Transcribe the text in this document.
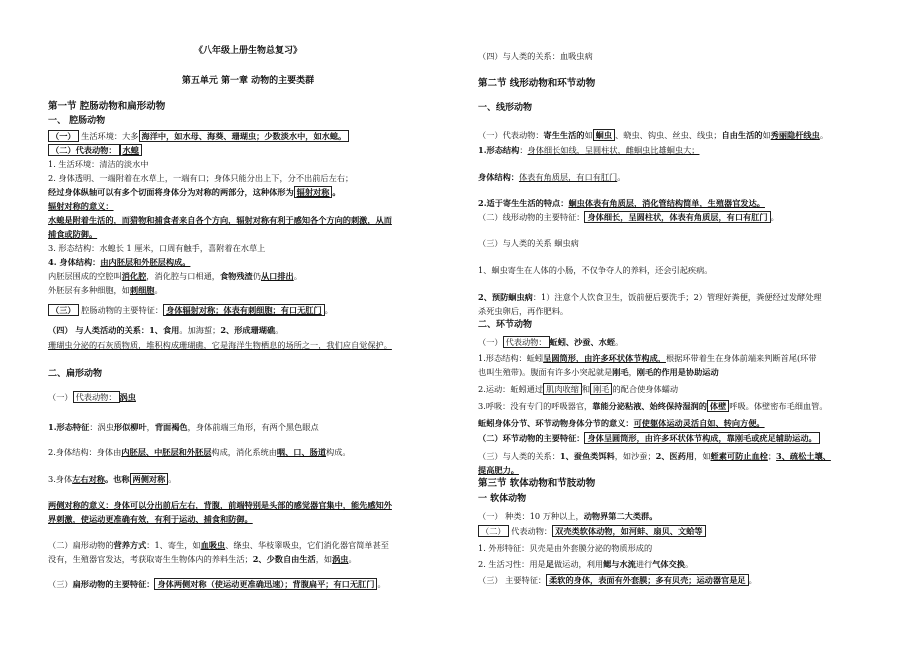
《八年级上册生物总复习》
第五单元 第一章 动物的主要类群
第一节 腔肠动物和扁形动物
一、 腔肠动物
（一） 生活环境：大多 海洋中，如水母、海葵、珊瑚虫；少数淡水中，如水螅。
（二）代表动物： 水螅
1. 生活环境：清洁的淡水中
2. 身体透明、一端附着在水草上，一端有口；身体只能分出上下，分不出前后左右；
经过身体纵轴可以有多个切面将身体分为对称的两部分，这种体形为 辐射对称 。
辐射对称的意义：
水螅是附着生活的，而猎物和捕食者来自各个方向，辐射对称有利于感知各个方向的刺激，从而
捕食或防御。
3. 形态结构：水螅长 1 厘米，口周有触手，喜附着在水草上
4. 身体结构：由内胚层和外胚层构成。
内胚层围成的空腔叫消化腔，消化腔与口相通，食物残渣仍从口排出。
外胚层有多种细胞，如刺细胞。
（三） 腔肠动物的主要特征： 身体辐射对称；体表有刺细胞；有口无肛门 。
（四） 与人类活动的关系：1、食用。加海蜇；2、形成珊瑚礁。
珊瑚虫分泌的石灰质物质，堆积构成珊瑚礁，它是海洋生物栖息的场所之一，我们应自觉保护。
二、扁形动物
（一） 代表动物： 涡虫
1.形态特征：涡虫形似柳叶，背面褐色，身体前端三角形，有两个黑色眼点
2.身体结构：身体由内胚层、中胚层和外胚层构成，消化系统由咽、口、肠道构成。
3.身体左右对称。也称 两侧对称 。
两侧对称的意义：身体可以分出前后左右，背腹，前端特别是头部的感觉器官集中，能先感知外
界刺激，使运动更准确有效，有利于运动、捕食和防御。
（二）扁形动物的营养方式：1、寄生，如血吸虫、绦虫、华枝睾吸虫，它们消化器官简单甚至
没有，生殖器官发达，考获取寄生生物体内的养料生活；2、少数自由生活，如涡虫。
（三）扁形动物的主要特征： 身体两侧对称（使运动更准确迅速）；背腹扁平；有口无肛门 。
（四）与人类的关系：血吸虫病
第二节 线形动物和环节动物
一、线形动物
（一）代表动物：寄生生活的如 蛔虫 、蛲虫、钩虫、丝虫、线虫；自由生活的如秀丽隐杆线虫。
1.形态结构：身体细长如线，呈圆柱状，雌蛔虫比雄蛔虫大；
身体结构：体表有角质层，有口有肛门。
2.适于寄生生活的特点：蛔虫体表有角质层，消化管结构简单，生殖器官发达。
（二）线形动物的主要特征： 身体细长，呈圆柱状，体表有角质层，有口有肛门 。
（三）与人类的关系 蛔虫病
1、蛔虫寄生在人体的小肠，不仅争夺人的养料，还会引起疾病。
2、预防蛔虫病：1）注意个人饮食卫生，饭前便后要洗手；2）管理好粪便，粪便经过发酵处理
杀死虫卵后，再作肥料。
二、环节动物
（一） 代表动物： 蚯蚓、沙蚕、水蛭。
1.形态结构：蚯蚓呈圆筒形，由许多环状体节构成，根据环带着生在身体前端来判断首尾(环带
也叫生殖带)。腹面有许多小突起就是刚毛，刚毛的作用是协助运动
2.运动：蚯蚓通过 肌肉收缩 和 刚毛 的配合使身体蠕动
3.呼吸：没有专门的呼吸器官，靠能分泌粘液、始终保持湿润的 体壁 呼吸。体壁密布毛细血管。
蚯蚓身体分节、环节动物身体分节的意义：可使躯体运动灵活自如、转向方便。
（二）环节动物的主要特征： 身体呈圆筒形，由许多环状体节构成，靠刚毛或疣足辅助运动。
（三）与人类的关系：1、蚕鱼类饵料，如沙蚕；2、医药用，如蛭素可防止血栓；3、疏松土壤、
提高肥力。
第三节 软体动物和节肢动物
一 软体动物
（一） 种类：10 万种以上，动物界第二大类群。
（二） 代表动物： 双壳类软体动物，如河蚌、扇贝、文蛤等
1. 外形特征：贝壳是由外套膜分泌的物质形成的
2. 生活习性：用是足做运动，利用鳃与水流进行气体交换。
（三） 主要特征： 柔软的身体，表面有外套膜；多有贝壳；运动器官是足 。
